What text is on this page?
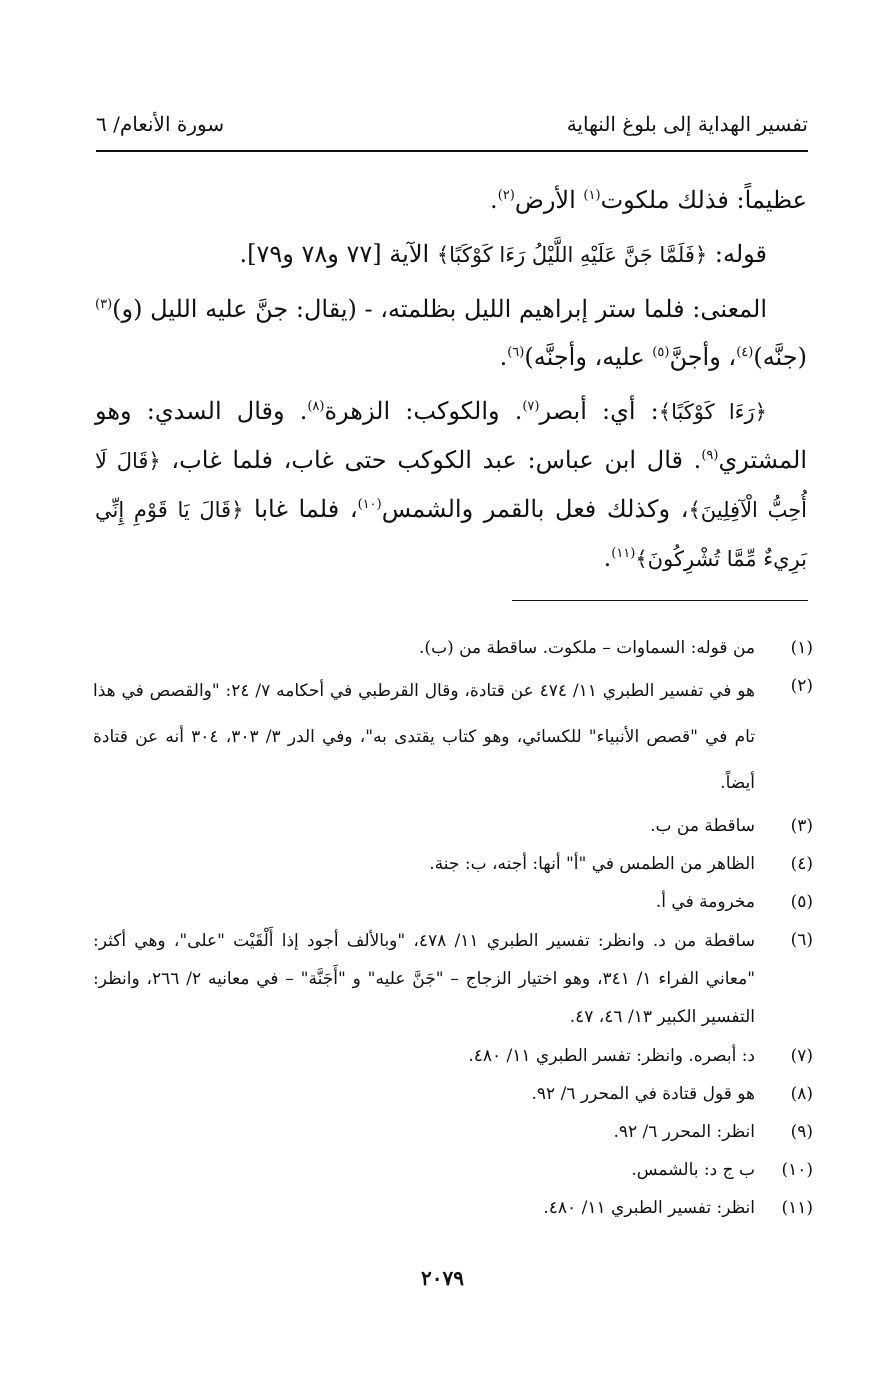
تفسير الهداية إلى بلوغ النهاية
سورة الأنعام/ ٦

عظيماً: فذلك ملكوت$^{(١)}$ الأرض$^{(٢)}$.

قوله: ﴿فَلَمَّا جَنَّ عَلَيْهِ اللَّيْلُ رَءَا كَوْكَبًا﴾ الآية [٧٧ و٧٨ و٧٩].

المعنى: فلما ستر إبراهيم الليل بظلمته، - (يقال: جنَّ عليه الليل (و)$^{(٣)}$ (جنَّه)$^{(٤)}$، وأجنَّ$^{(٥)}$ عليه، وأجنَّه)$^{(٦)}$.

﴿رَءَا كَوْكَبًا﴾: أي: أبصر$^{(٧)}$. والكوكب: الزهرة$^{(٨)}$. وقال السدي: وهو المشتري$^{(٩)}$. قال ابن عباس: عبد الكوكب حتى غاب، فلما غاب، ﴿قَالَ لَا أُحِبُّ الْآفِلِينَ﴾، وكذلك فعل بالقمر والشمس$^{(١٠)}$، فلما غابا ﴿قَالَ يَا قَوْمِ إِنِّي بَرِيءٌ مِّمَّا تُشْرِكُونَ﴾$^{(١١)}$.

(١)
من قوله: السماوات – ملكوت. ساقطة من (ب).
(٢)
هو في تفسير الطبري ١١/ ٤٧٤ عن قتادة، وقال القرطبي في أحكامه ٧/ ٢٤: "والقصص في هذا تام في "قصص الأنبياء" للكسائي، وهو كتاب يقتدى به"، وفي الدر ٣/ ٣٠٣، ٣٠٤ أنه عن قتادة أيضاً.
(٣)
ساقطة من ب.
(٤)
الظاهر من الطمس في "أ" أنها: أجنه، ب: جنة.
(٥)
مخرومة في أ.
(٦)
ساقطة من د. وانظر: تفسير الطبري ١١/ ٤٧٨، "وبالألف أجود إذا أَلْقَيْت "على"، وهي أكثر: "معاني الفراء ١/ ٣٤١، وهو اختيار الزجاج – "جَنَّ عليه" و "أَجَنَّة" – في معانيه ٢/ ٢٦٦، وانظر: التفسير الكبير ١٣/ ٤٦، ٤٧.
(٧)
د: أبصره. وانظر: تفسر الطبري ١١/ ٤٨٠.
(٨)
هو قول قتادة في المحرر ٦/ ٩٢.
(٩)
انظر: المحرر ٦/ ٩٢.
(١٠)
ب ج د: بالشمس.
(١١)
انظر: تفسير الطبري ١١/ ٤٨٠.
٢٠٧٩
